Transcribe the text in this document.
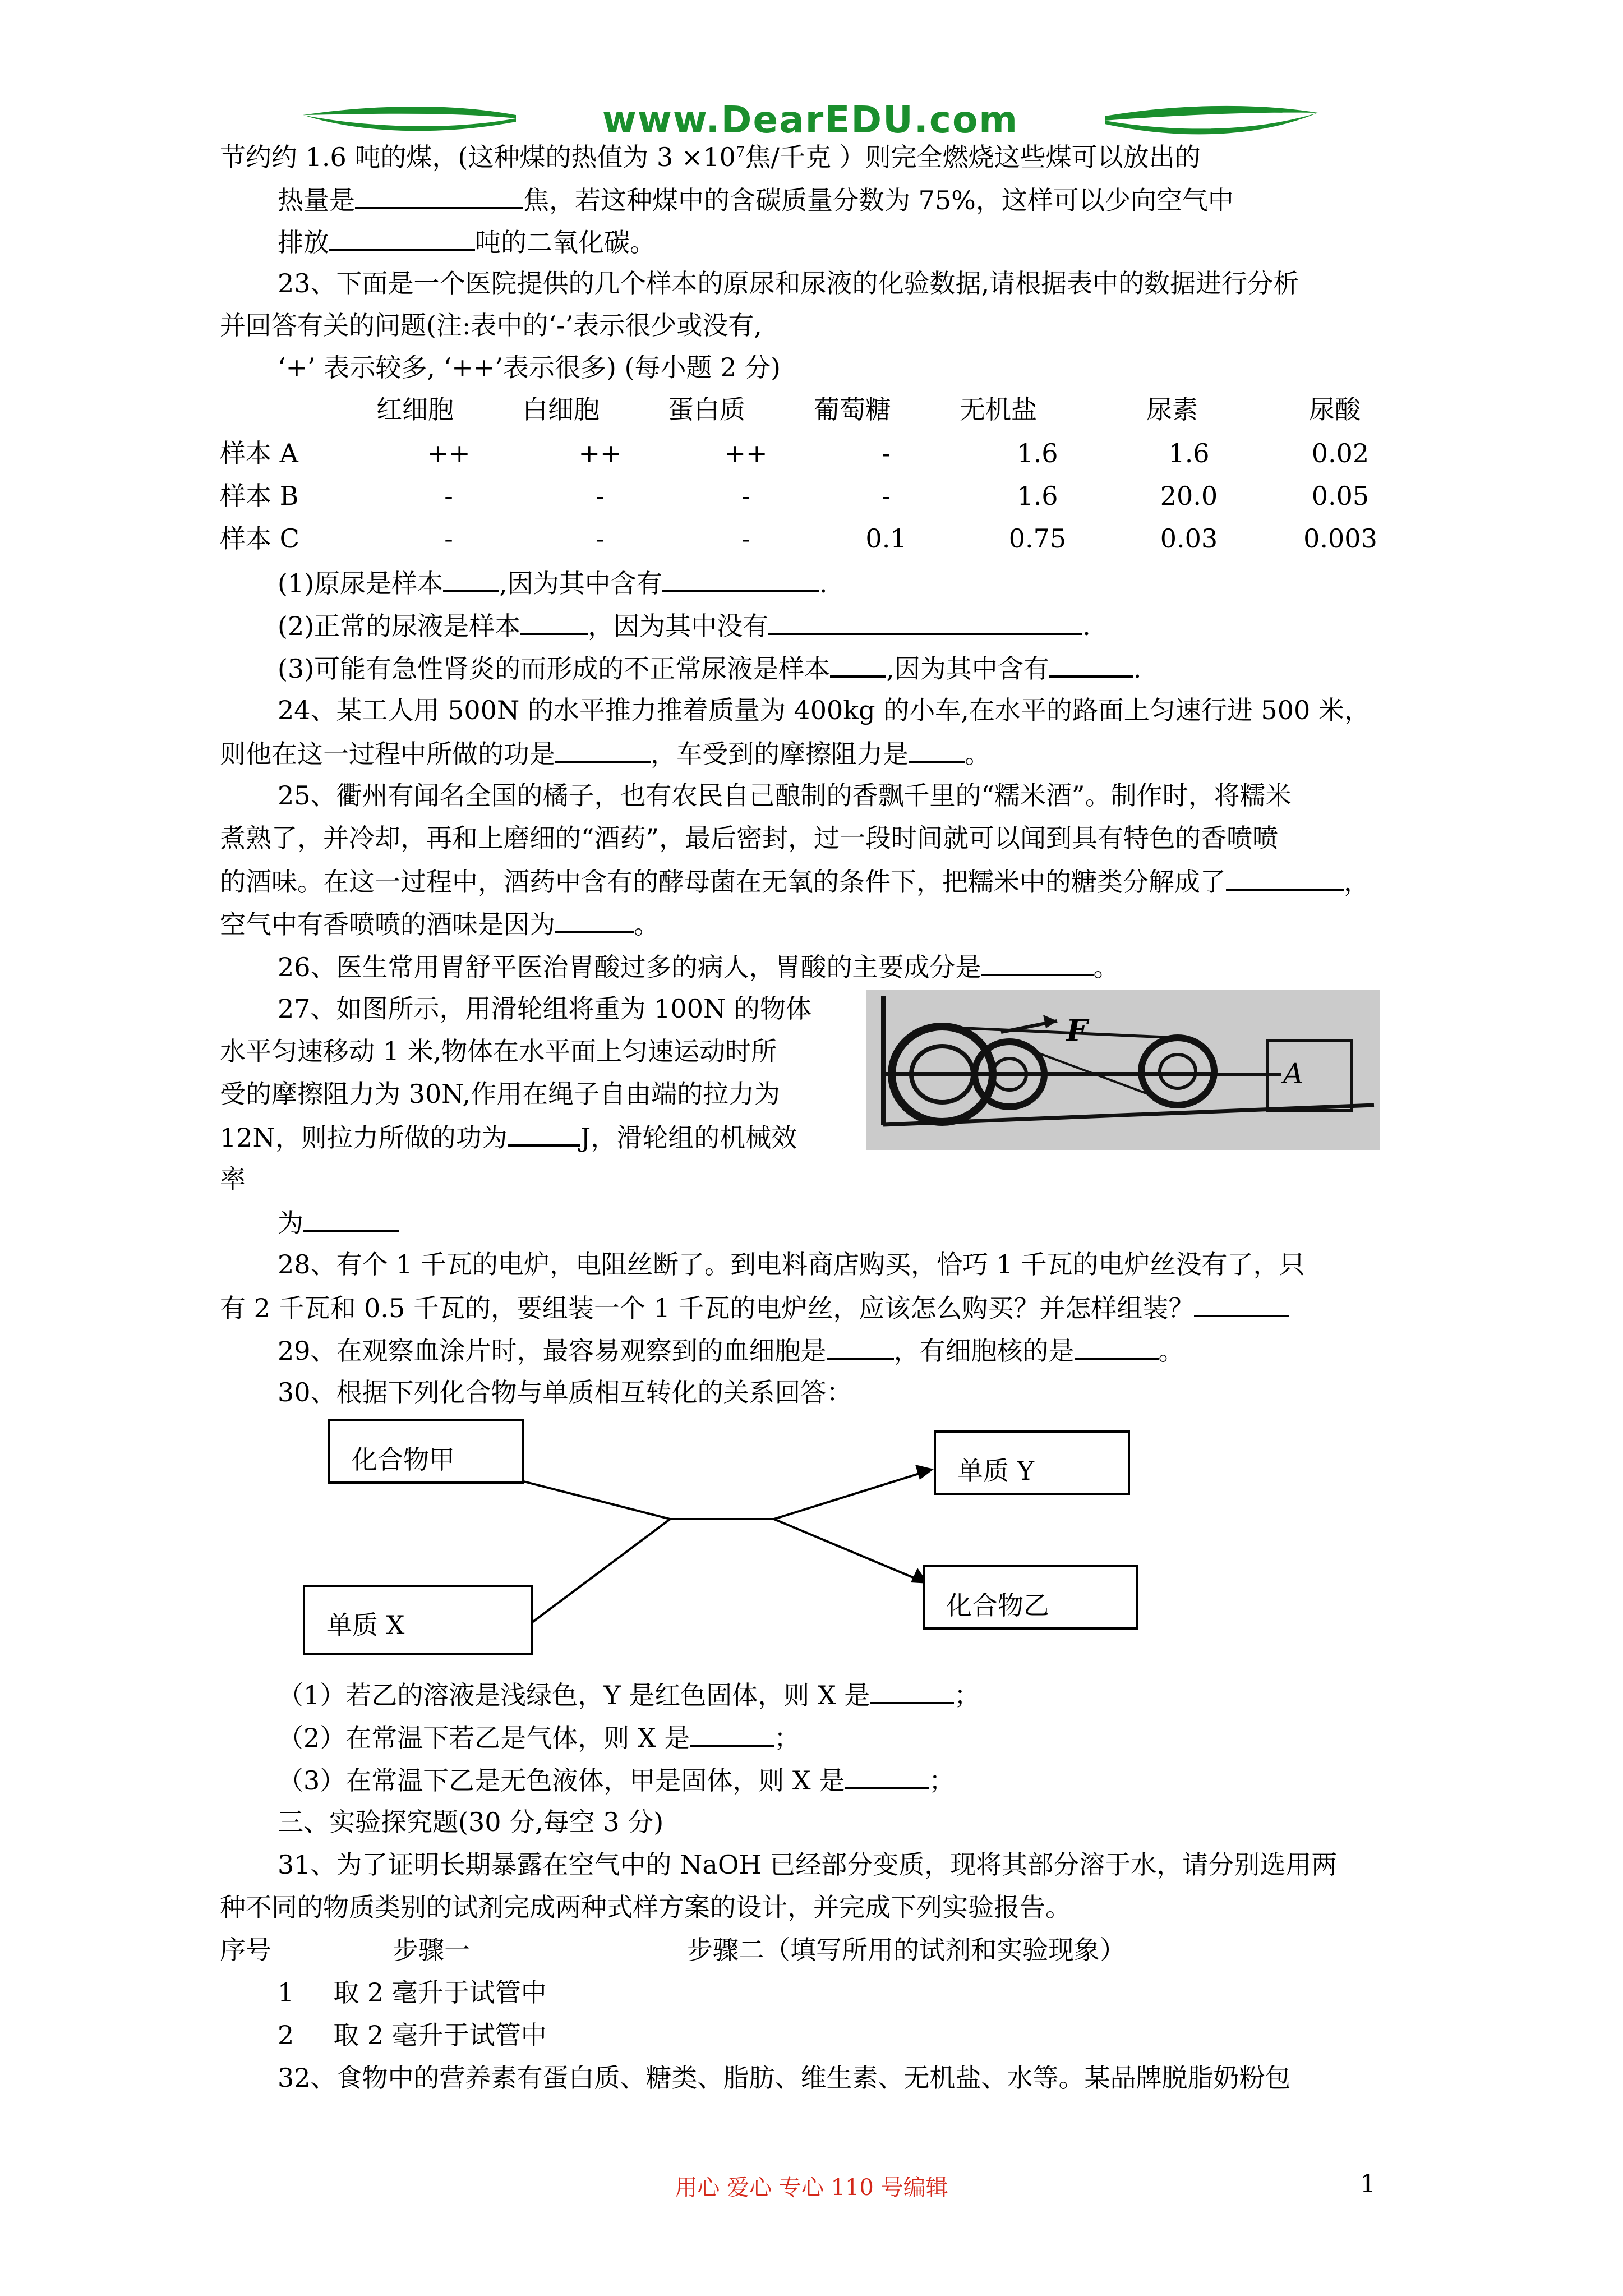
www.DearEDU.com
节约约 1.6 吨的煤，(这种煤的热值为 $3 \times 10^7$焦/千克 ）则完全燃烧这些煤可以放出的
热量是	焦，若这种煤中的含碳质量分数为 75%，这样可以少向空气中
排放	吨的二氧化碳。
23、下面是一个医院提供的几个样本的原尿和尿液的化验数据,请根据表中的数据进行分析
并回答有关的问题(注:表中的‘-’表示很少或没有,
‘+’ 表示较多, ‘++’表示很多) (每小题 2 分)
红细胞	白细胞	蛋白质	葡萄糖	无机盐	尿素	尿酸
样本 A	++	++	++	-	1.6	1.6	0.02
样本 B	-	-	-	-	1.6	20.0	0.05
样本 C	-	-	-	0.1	0.75	0.03	0.003
(1)原尿是样本 ,因为其中含有	.
(2)正常的尿液是样本	，因为其中没有	.
(3)可能有急性肾炎的而形成的不正常尿液是样本 ,因为其中含有	.
24、某工人用 500N 的水平推力推着质量为 400kg 的小车,在水平的路面上匀速行进 500 米，
则他在这一过程中所做的功是	，车受到的摩擦阻力是 。
25、衢州有闻名全国的橘子，也有农民自己酿制的香飘千里的“糯米酒”。制作时，将糯米
煮熟了，并冷却，再和上磨细的“酒药”，最后密封，过一段时间就可以闻到具有特色的香喷喷
的酒味。在这一过程中，酒药中含有的酵母菌在无氧的条件下，把糯米中的糖类分解成了	，
空气中有香喷喷的酒味是因为	。
26、医生常用胃舒平医治胃酸过多的病人，胃酸的主要成分是	。
27、如图所示，用滑轮组将重为 100N 的物体
水平匀速移动 1 米,物体在水平面上匀速运动时所
受的摩擦阻力为 30N,作用在绳子自由端的拉力为
12N，则拉力所做的功为	J，滑轮组的机械效
率
为
F
A
28、有个 1 千瓦的电炉，电阻丝断了。到电料商店购买，恰巧 1 千瓦的电炉丝没有了，只
有 2 千瓦和 0.5 千瓦的，要组装一个 1 千瓦的电炉丝，应该怎么购买？并怎样组装？
29、在观察血涂片时，最容易观察到的血细胞是	，有细胞核的是	。
30、根据下列化合物与单质相互转化的关系回答：
化合物甲
单质 X
单质 Y
化合物乙
（1）若乙的溶液是浅绿色，Y 是红色固体，则 X 是	；
（2）在常温下若乙是气体，则 X 是	；
（3）在常温下乙是无色液体，甲是固体，则 X 是	；
三、实验探究题(30 分,每空 3 分)
31、为了证明长期暴露在空气中的 NaOH 已经部分变质，现将其部分溶于水，请分别选用两
种不同的物质类别的试剂完成两种式样方案的设计，并完成下列实验报告。
序号	步骤一	步骤二（填写所用的试剂和实验现象）
1 取 2 毫升于试管中
2 取 2 毫升于试管中
32、食物中的营养素有蛋白质、糖类、脂肪、维生素、无机盐、水等。某品牌脱脂奶粉包
用心 爱心 专心 110 号编辑	1
